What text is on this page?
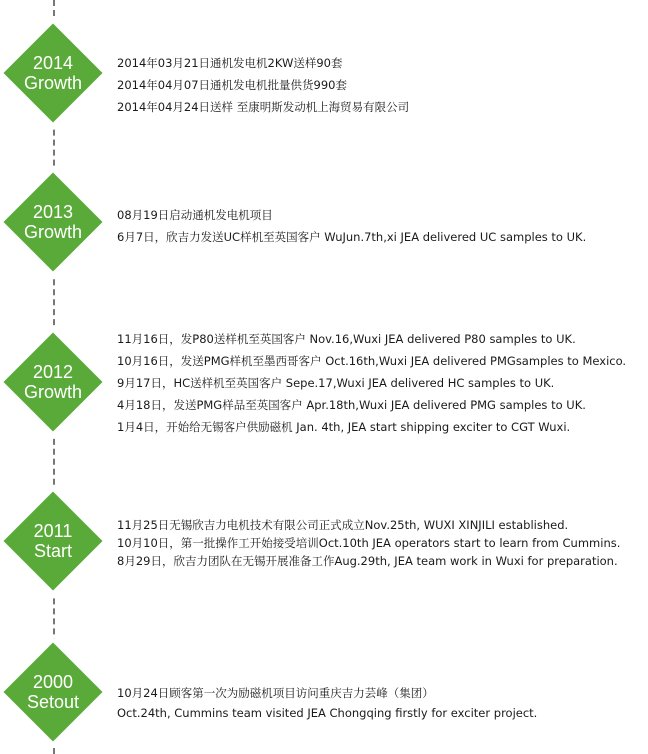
2014
Growth
2014年03月21日通机发电机2KW送样90套
2014年04月07日通机发电机批量供货990套
2014年04月24日送样 至康明斯发动机上海贸易有限公司
2013
Growth
08月19日启动通机发电机项目
6月7日，欣吉力发送UC样机至英国客户 WuJun.7th,xi JEA delivered UC samples to UK.
2012
Growth
11月16日，发P80送样机至英国客户 Nov.16,Wuxi JEA delivered P80 samples to UK.
10月16日，发送PMG样机至墨西哥客户 Oct.16th,Wuxi JEA delivered PMGsamples to Mexico.
9月17日，HC送样机至英国客户 Sepe.17,Wuxi JEA delivered HC samples to UK.
4月18日，发送PMG样品至英国客户 Apr.18th,Wuxi JEA delivered PMG samples to UK.
1月4日，开始给无锡客户供励磁机 Jan. 4th, JEA start shipping exciter to CGT Wuxi.
2011
Start
11月25日无锡欣吉力电机技术有限公司正式成立Nov.25th, WUXI XINJILI established.
10月10日，第一批操作工开始接受培训Oct.10th JEA operators start to learn from Cummins.
8月29日，欣吉力团队在无锡开展准备工作Aug.29th, JEA team work in Wuxi for preparation.
2000
Setout	10月24日顾客第一次为励磁机项目访问重庆吉力芸峰（集团）
Oct.24th, Cummins team visited JEA Chongqing firstly for exciter project.
